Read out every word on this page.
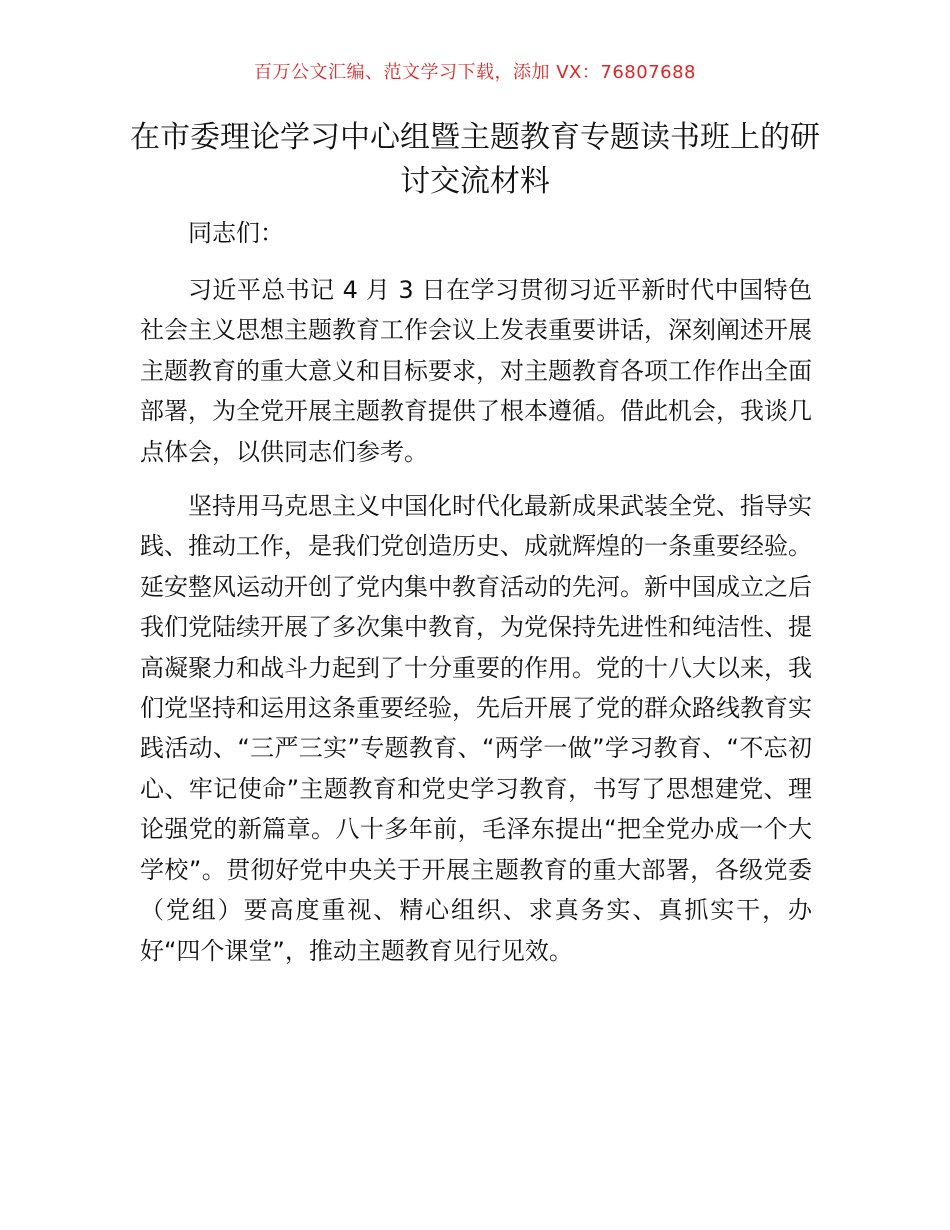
百万公文汇编、范文学习下载，添加 VX：76807688
在市委理论学习中心组暨主题教育专题读书班上的研讨交流材料

同志们：

习近平总书记 4 月 3 日在学习贯彻习近平新时代中国特色社会主义思想主题教育工作会议上发表重要讲话，深刻阐述开展主题教育的重大意义和目标要求，对主题教育各项工作作出全面部署，为全党开展主题教育提供了根本遵循。借此机会，我谈几点体会，以供同志们参考。

坚持用马克思主义中国化时代化最新成果武装全党、指导实践、推动工作，是我们党创造历史、成就辉煌的一条重要经验。延安整风运动开创了党内集中教育活动的先河。新中国成立之后我们党陆续开展了多次集中教育，为党保持先进性和纯洁性、提高凝聚力和战斗力起到了十分重要的作用。党的十八大以来，我们党坚持和运用这条重要经验，先后开展了党的群众路线教育实践活动、“三严三实”专题教育、“两学一做”学习教育、“不忘初心、牢记使命”主题教育和党史学习教育，书写了思想建党、理论强党的新篇章。八十多年前，毛泽东提出“把全党办成一个大学校”。贯彻好党中央关于开展主题教育的重大部署，各级党委（党组）要高度重视、精心组织、求真务实、真抓实干，办好“四个课堂”，推动主题教育见行见效。
